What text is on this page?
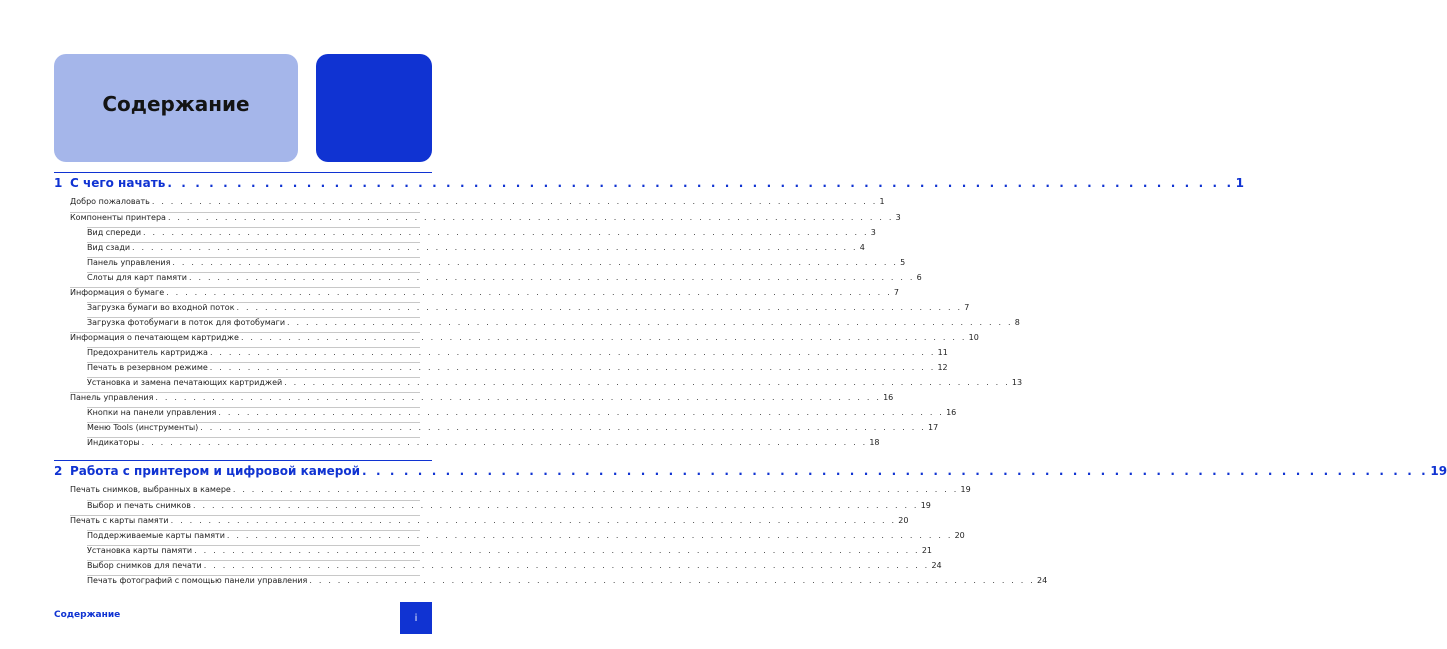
Содержание
1 С чего начать . . . . . . . . . . . . . . . . . . . . . . . . . . . . . . . . . . . . . . . . . . . . . . . . . . . . . . . . . . . . . . . . . . . . . . . . . . . . . 1
Добро пожаловать . . . . . . . . . . . . . . . . . . . . . . . . . . . . . . . . . . . . . . . . . . . . . . . . . . . . . . . . . . . . . . . . . . . . . . . . . . . . . 1
Компоненты принтера . . . . . . . . . . . . . . . . . . . . . . . . . . . . . . . . . . . . . . . . . . . . . . . . . . . . . . . . . . . . . . . . . . . . . . . . . . . . . 3
Вид спереди . . . . . . . . . . . . . . . . . . . . . . . . . . . . . . . . . . . . . . . . . . . . . . . . . . . . . . . . . . . . . . . . . . . . . . . . . . . . . 3
Вид сзади . . . . . . . . . . . . . . . . . . . . . . . . . . . . . . . . . . . . . . . . . . . . . . . . . . . . . . . . . . . . . . . . . . . . . . . . . . . . . 4
Панель управления . . . . . . . . . . . . . . . . . . . . . . . . . . . . . . . . . . . . . . . . . . . . . . . . . . . . . . . . . . . . . . . . . . . . . . . . . . . . . 5
Слоты для карт памяти . . . . . . . . . . . . . . . . . . . . . . . . . . . . . . . . . . . . . . . . . . . . . . . . . . . . . . . . . . . . . . . . . . . . . . . . . . . . . 6
Информация о бумаге . . . . . . . . . . . . . . . . . . . . . . . . . . . . . . . . . . . . . . . . . . . . . . . . . . . . . . . . . . . . . . . . . . . . . . . . . . . . . 7
Загрузка бумаги во входной поток . . . . . . . . . . . . . . . . . . . . . . . . . . . . . . . . . . . . . . . . . . . . . . . . . . . . . . . . . . . . . . . . . . . . . . . . . . . . . 7
Загрузка фотобумаги в поток для фотобумаги . . . . . . . . . . . . . . . . . . . . . . . . . . . . . . . . . . . . . . . . . . . . . . . . . . . . . . . . . . . . . . . . . . . . . . . . . . . . . 8
Информация о печатающем картридже . . . . . . . . . . . . . . . . . . . . . . . . . . . . . . . . . . . . . . . . . . . . . . . . . . . . . . . . . . . . . . . . . . . . . . . . . . . . . 10
Предохранитель картриджа . . . . . . . . . . . . . . . . . . . . . . . . . . . . . . . . . . . . . . . . . . . . . . . . . . . . . . . . . . . . . . . . . . . . . . . . . . . . . 11
Печать в резервном режиме . . . . . . . . . . . . . . . . . . . . . . . . . . . . . . . . . . . . . . . . . . . . . . . . . . . . . . . . . . . . . . . . . . . . . . . . . . . . . 12
Установка и замена печатающих картриджей . . . . . . . . . . . . . . . . . . . . . . . . . . . . . . . . . . . . . . . . . . . . . . . . . . . . . . . . . . . . . . . . . . . . . . . . . . . . . 13
Панель управления . . . . . . . . . . . . . . . . . . . . . . . . . . . . . . . . . . . . . . . . . . . . . . . . . . . . . . . . . . . . . . . . . . . . . . . . . . . . . 16
Кнопки на панели управления . . . . . . . . . . . . . . . . . . . . . . . . . . . . . . . . . . . . . . . . . . . . . . . . . . . . . . . . . . . . . . . . . . . . . . . . . . . . . 16
Меню Tools (инструменты) . . . . . . . . . . . . . . . . . . . . . . . . . . . . . . . . . . . . . . . . . . . . . . . . . . . . . . . . . . . . . . . . . . . . . . . . . . . . . 17
Индикаторы . . . . . . . . . . . . . . . . . . . . . . . . . . . . . . . . . . . . . . . . . . . . . . . . . . . . . . . . . . . . . . . . . . . . . . . . . . . . . 18
2 Работа с принтером и цифровой камерой . . . . . . . . . . . . . . . . . . . . . . . . . . . . . . . . . . . . . . . . . . . . . . . . . . . . . . . . . . . . . . . . . . . . . . . . . . . . . 19
Печать снимков, выбранных в камере . . . . . . . . . . . . . . . . . . . . . . . . . . . . . . . . . . . . . . . . . . . . . . . . . . . . . . . . . . . . . . . . . . . . . . . . . . . . . 19
Выбор и печать снимков . . . . . . . . . . . . . . . . . . . . . . . . . . . . . . . . . . . . . . . . . . . . . . . . . . . . . . . . . . . . . . . . . . . . . . . . . . . . . 19
Печать с карты памяти . . . . . . . . . . . . . . . . . . . . . . . . . . . . . . . . . . . . . . . . . . . . . . . . . . . . . . . . . . . . . . . . . . . . . . . . . . . . . 20
Поддерживаемые карты памяти . . . . . . . . . . . . . . . . . . . . . . . . . . . . . . . . . . . . . . . . . . . . . . . . . . . . . . . . . . . . . . . . . . . . . . . . . . . . . 20
Установка карты памяти . . . . . . . . . . . . . . . . . . . . . . . . . . . . . . . . . . . . . . . . . . . . . . . . . . . . . . . . . . . . . . . . . . . . . . . . . . . . . 21
Выбор снимков для печати . . . . . . . . . . . . . . . . . . . . . . . . . . . . . . . . . . . . . . . . . . . . . . . . . . . . . . . . . . . . . . . . . . . . . . . . . . . . . 24
Печать фотографий с помощью панели управления . . . . . . . . . . . . . . . . . . . . . . . . . . . . . . . . . . . . . . . . . . . . . . . . . . . . . . . . . . . . . . . . . . . . . . . . . . . . . 24
Содержание	i
